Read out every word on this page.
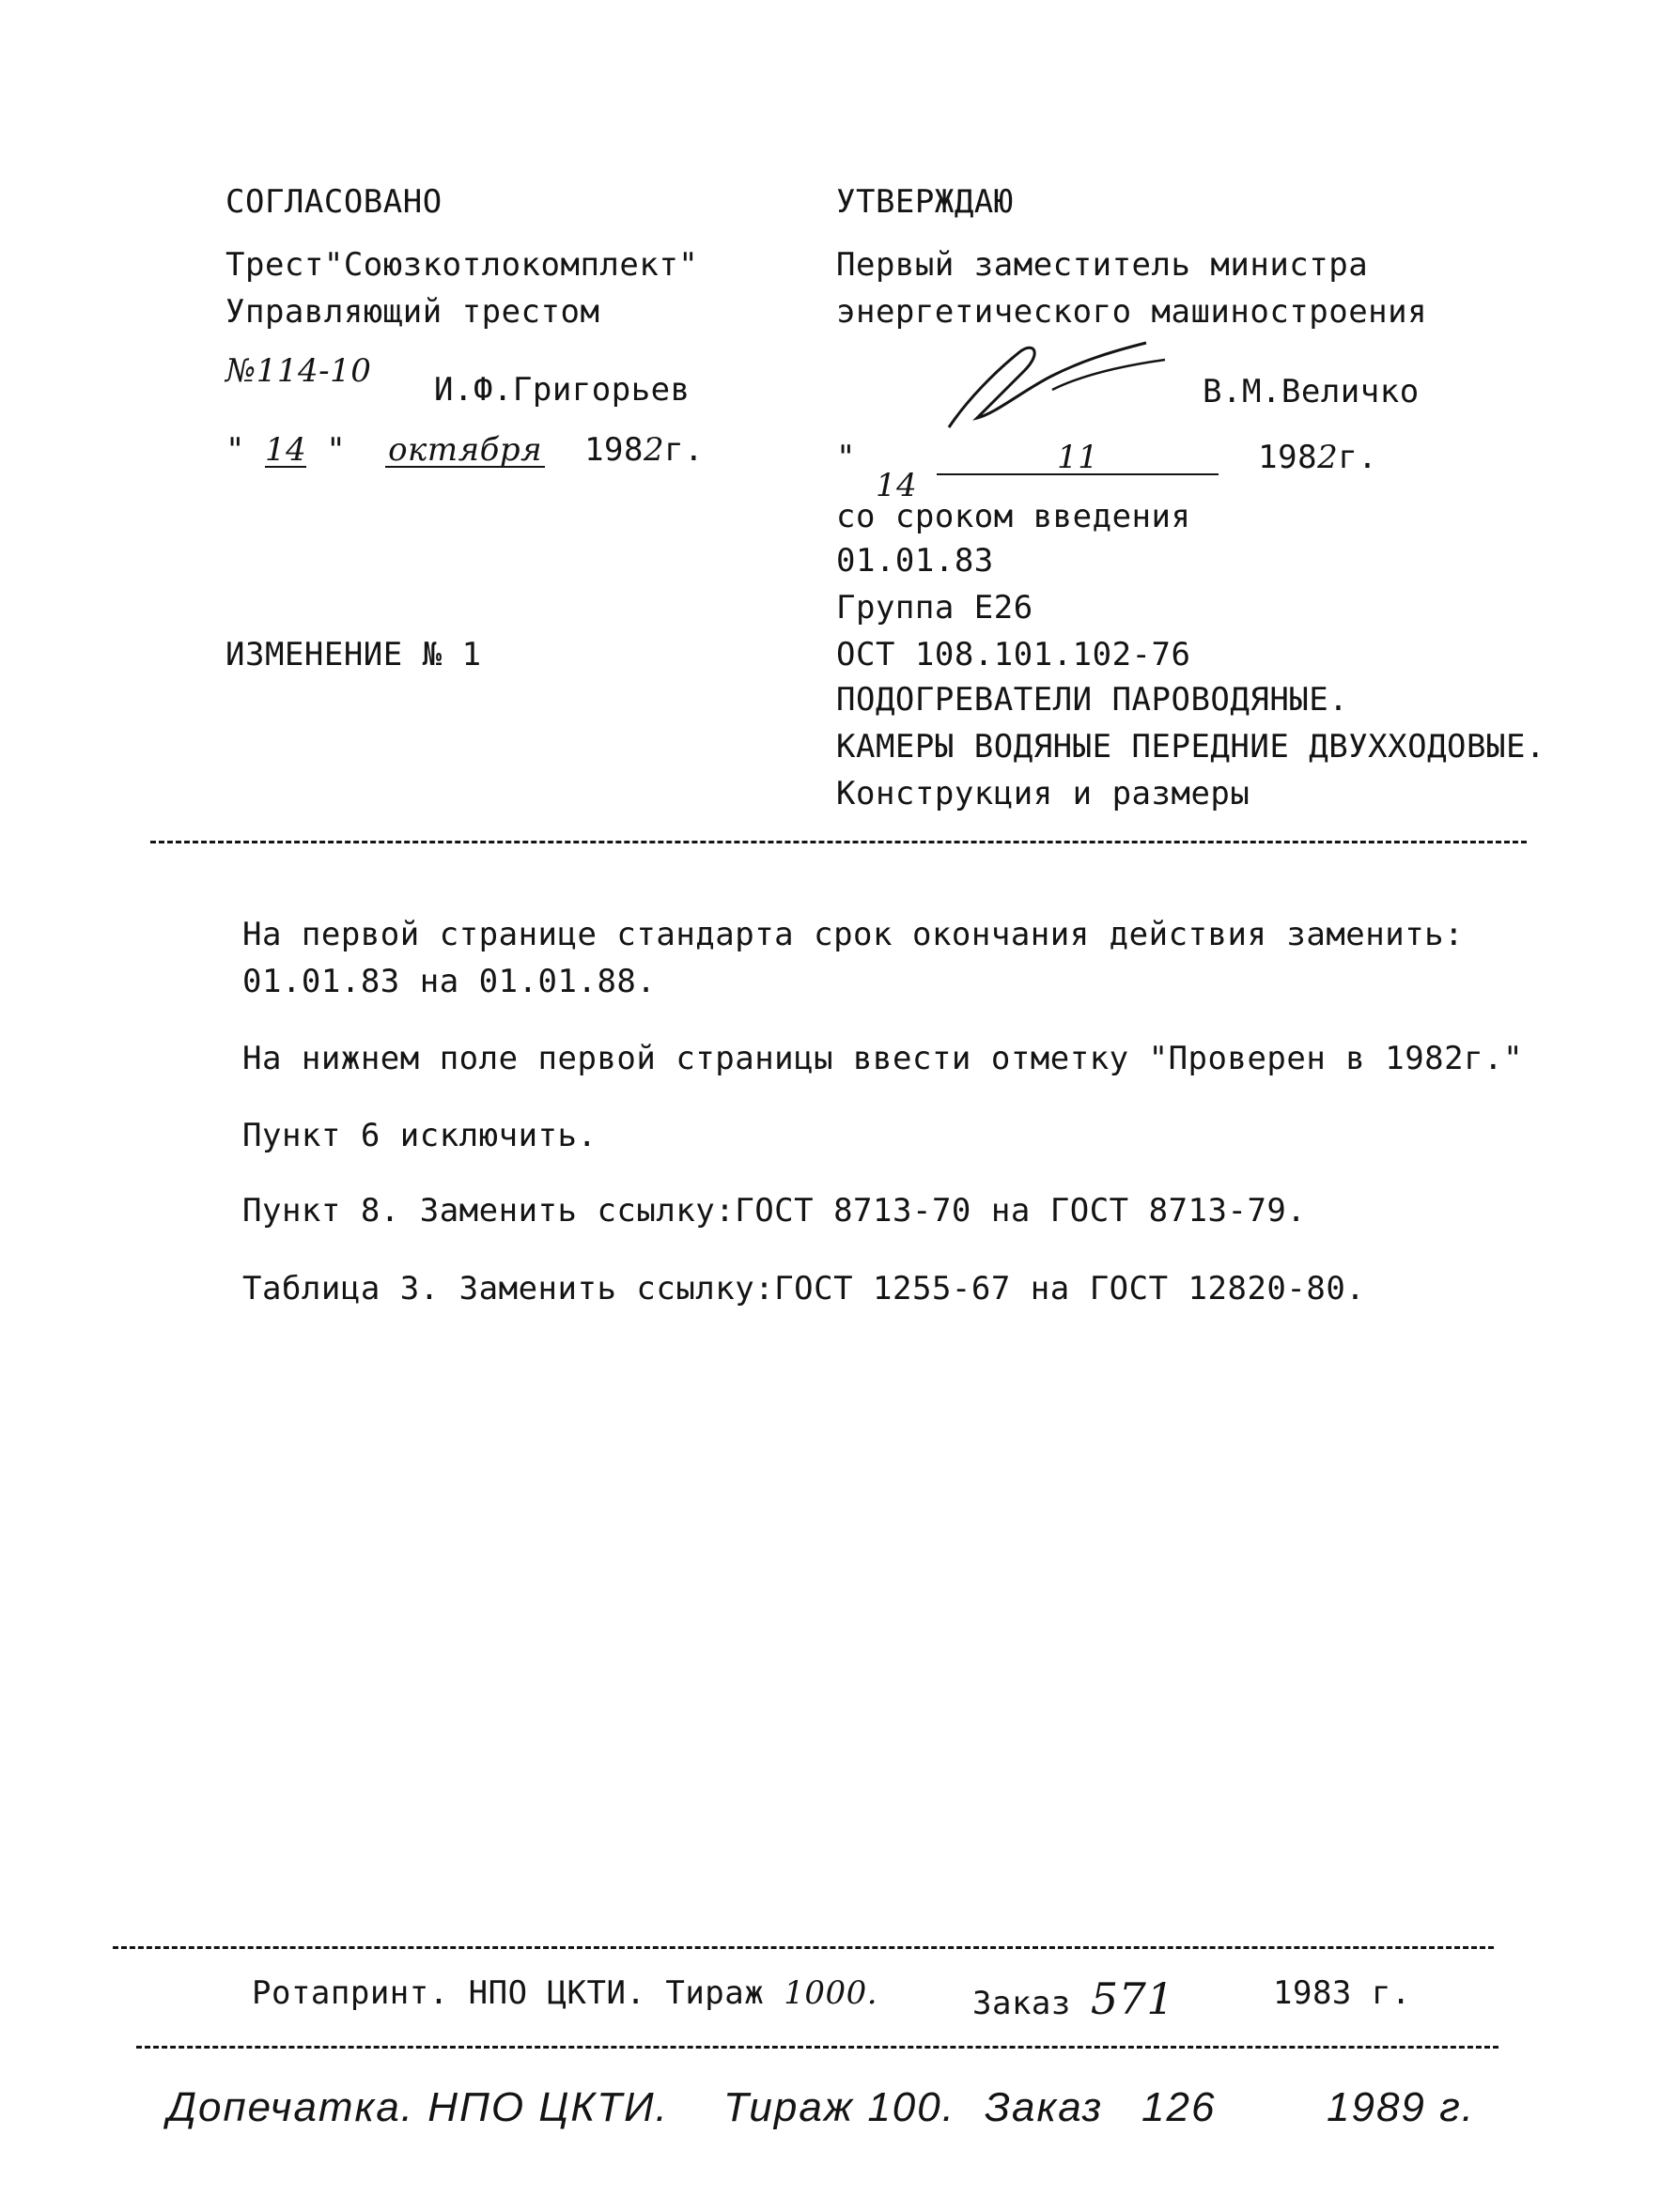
СОГЛАСОВАНО
Трест"Союзкотлокомплект"
Управляющий трестом
№114-10 И.Ф.Григорьев
" 14 "  октября 1982г.
ИЗМЕНЕНИЕ № 1
УТВЕРЖДАЮ
Первый заместитель министра
энергетического машиностроения
В.М.Величко
" 14 11	1982г.
со сроком введения
01.01.83
Группа Е26
ОСТ 108.101.102-76
ПОДОГРЕВАТЕЛИ ПАРОВОДЯНЫЕ.
КАМЕРЫ ВОДЯНЫЕ ПЕРЕДНИЕ ДВУХХОДОВЫЕ.
Конструкция и размеры
На первой странице стандарта срок окончания действия заменить:
01.01.83 на 01.01.88.
На нижнем поле первой страницы ввести отметку "Проверен в 1982г."
Пункт 6 исключить.
Пункт 8. Заменить ссылку:ГОСТ 8713-70 на ГОСТ 8713-79.
Таблица 3. Заменить ссылку:ГОСТ 1255-67 на ГОСТ 12820-80.
Ротапринт. НПО ЦКТИ. Тираж 1000.	Заказ 571	1983 г.
Допечатка. НПО ЦКТИ. Тираж 100. Заказ 126	1989 г.
